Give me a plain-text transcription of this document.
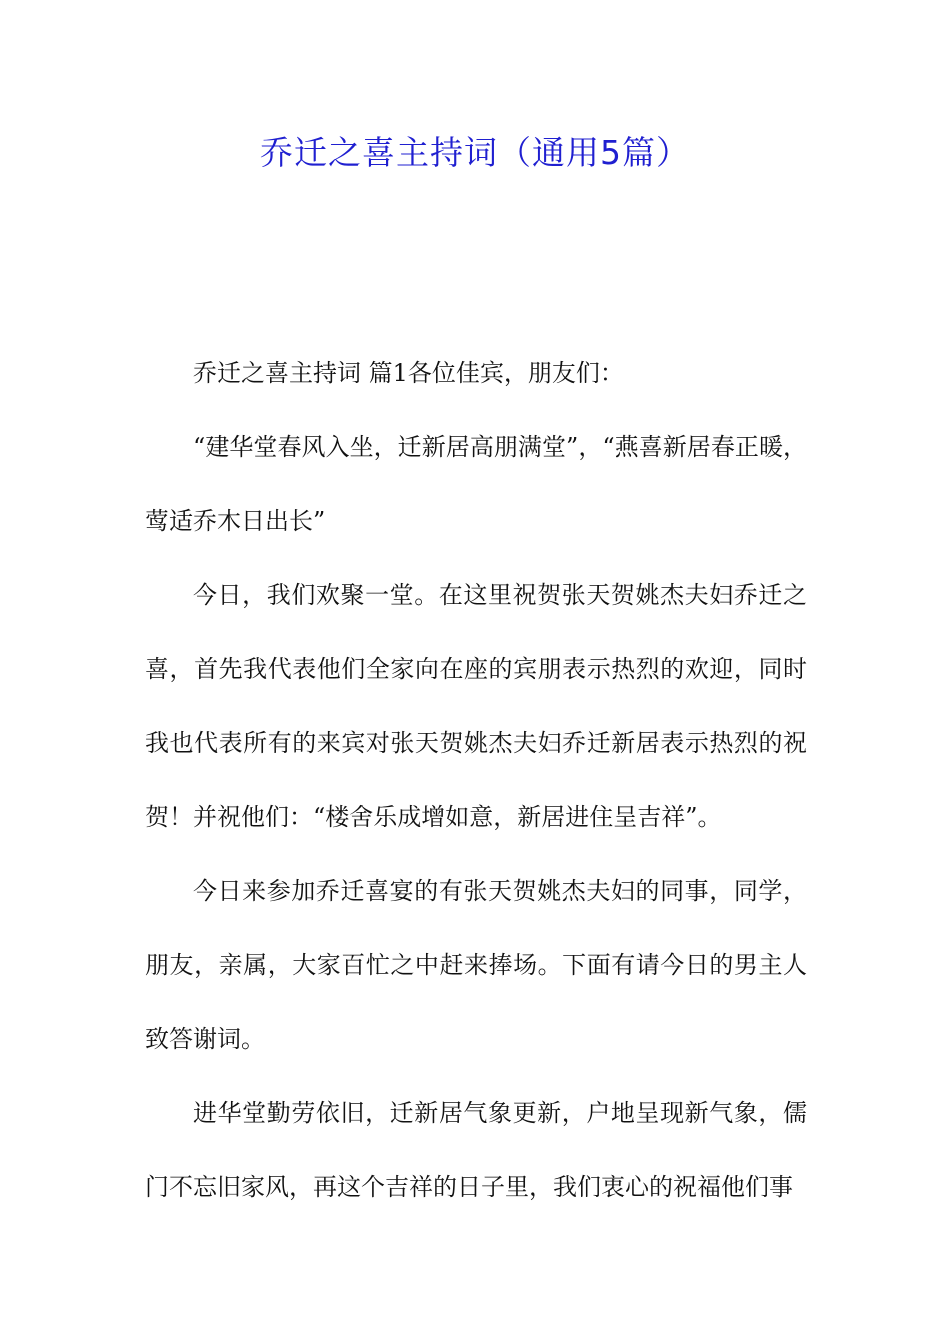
乔迁之喜主持词（通用5篇）

乔迁之喜主持词 篇1各位佳宾，朋友们：

“建华堂春风入坐，迁新居高朋满堂”，“燕喜新居春正暖，莺适乔木日出长”

今日，我们欢聚一堂。在这里祝贺张天贺姚杰夫妇乔迁之喜，首先我代表他们全家向在座的宾朋表示热烈的欢迎，同时我也代表所有的来宾对张天贺姚杰夫妇乔迁新居表示热烈的祝贺！并祝他们：“楼舍乐成增如意，新居进住呈吉祥”。

今日来参加乔迁喜宴的有张天贺姚杰夫妇的同事，同学，朋友，亲属，大家百忙之中赶来捧场。下面有请今日的男主人致答谢词。

进华堂勤劳依旧，迁新居气象更新，户地呈现新气象，儒门不忘旧家风，再这个吉祥的日子里，我们衷心的祝福他们事
